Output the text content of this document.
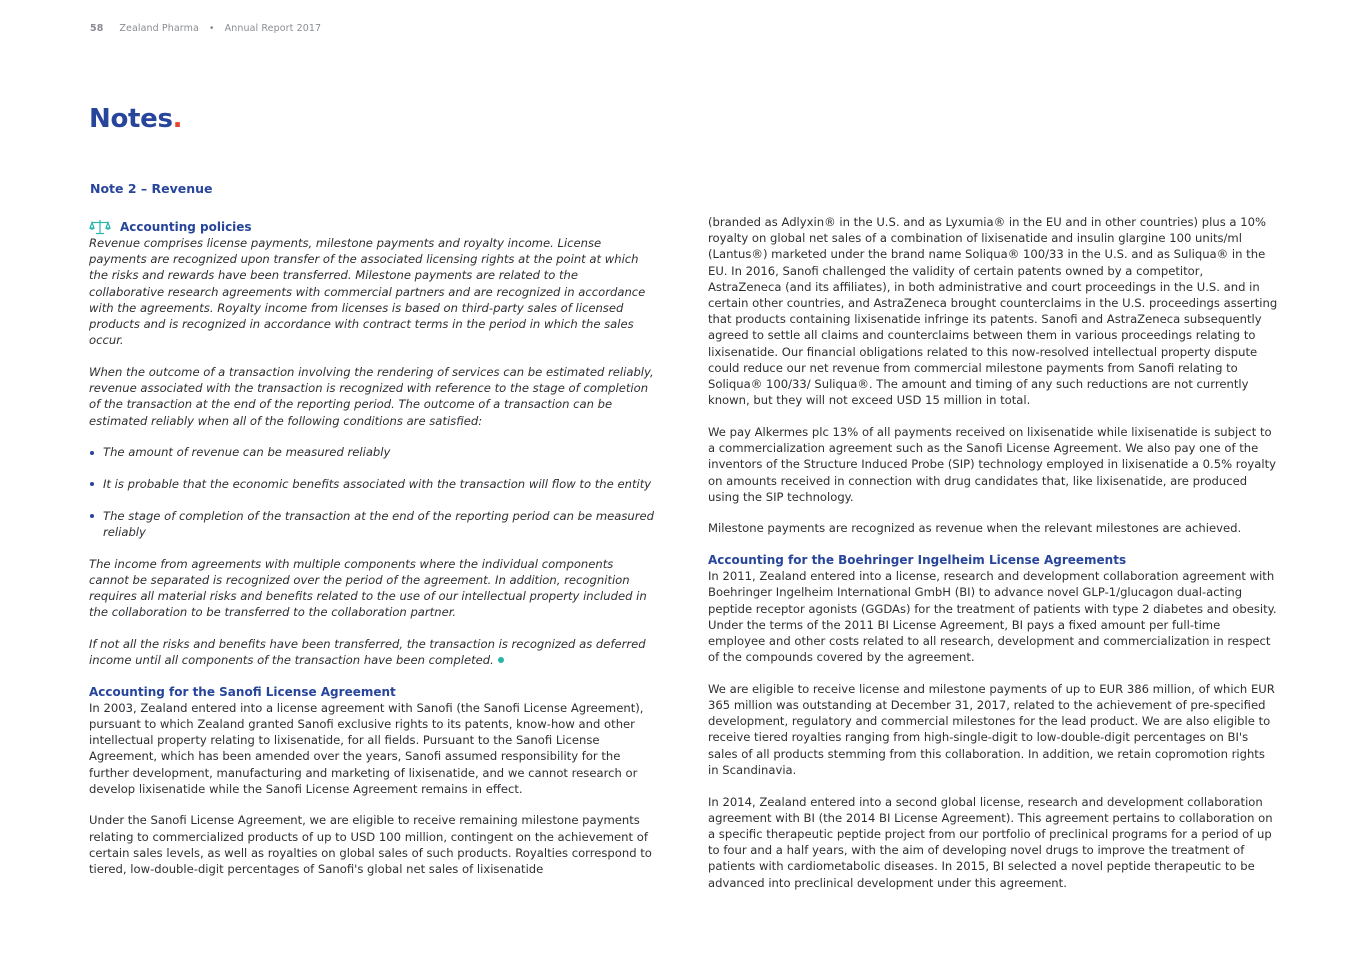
58 Zealand Pharma • Annual Report 2017
Notes.
Note 2 – Revenue
Accounting policies

Revenue comprises license payments, milestone payments and royalty income. License payments are recognized upon transfer of the associated licensing rights at the point at which the risks and rewards have been transferred. Milestone payments are related to the collaborative research agreements with commercial partners and are recognized in accordance with the agreements. Royalty income from licenses is based on third-party sales of licensed products and is recognized in accordance with contract terms in the period in which the sales occur.

When the outcome of a transaction involving the rendering of services can be estimated reliably, revenue associated with the transaction is recognized with reference to the stage of completion of the transaction at the end of the reporting period. The outcome of a transaction can be estimated reliably when all of the following conditions are satisfied:

The amount of revenue can be measured reliably
It is probable that the economic benefits associated with the transaction will flow to the entity
The stage of completion of the transaction at the end of the reporting period can be measured reliably

The income from agreements with multiple components where the individual components cannot be separated is recognized over the period of the agreement. In addition, recognition requires all material risks and benefits related to the use of our intellectual property included in the collaboration to be transferred to the collaboration partner.

If not all the risks and benefits have been transferred, the transaction is recognized as deferred income until all components of the transaction have been completed.

Accounting for the Sanofi License Agreement

In 2003, Zealand entered into a license agreement with Sanofi (the Sanofi License Agreement), pursuant to which Zealand granted Sanofi exclusive rights to its patents, know-how and other intellectual property relating to lixisenatide, for all fields. Pursuant to the Sanofi License Agreement, which has been amended over the years, Sanofi assumed responsibility for the further development, manufacturing and marketing of lixisenatide, and we cannot research or develop lixisenatide while the Sanofi License Agreement remains in effect.

Under the Sanofi License Agreement, we are eligible to receive remaining milestone payments relating to commercialized products of up to USD 100 million, contingent on the achievement of certain sales levels, as well as royalties on global sales of such products. Royalties correspond to tiered, low-double-digit percentages of Sanofi's global net sales of lixisenatide

(branded as Adlyxin® in the U.S. and as Lyxumia® in the EU and in other countries) plus a 10% royalty on global net sales of a combination of lixisenatide and insulin glargine 100 units/ml (Lantus®) marketed under the brand name Soliqua® 100/33 in the U.S. and as Suliqua® in the EU. In 2016, Sanofi challenged the validity of certain patents owned by a competitor, AstraZeneca (and its affiliates), in both administrative and court proceedings in the U.S. and in certain other countries, and AstraZeneca brought counterclaims in the U.S. proceedings asserting that products containing lixisenatide infringe its patents. Sanofi and AstraZeneca subsequently agreed to settle all claims and counterclaims between them in various proceedings relating to lixisenatide. Our financial obligations related to this now-resolved intellectual property dispute could reduce our net revenue from commercial milestone payments from Sanofi relating to Soliqua® 100/33/ Suliqua®. The amount and timing of any such reductions are not currently known, but they will not exceed USD 15 million in total.

We pay Alkermes plc 13% of all payments received on lixisenatide while lixisenatide is subject to a commercialization agreement such as the Sanofi License Agreement. We also pay one of the inventors of the Structure Induced Probe (SIP) technology employed in lixisenatide a 0.5% royalty on amounts received in connection with drug candidates that, like lixisenatide, are produced using the SIP technology.

Milestone payments are recognized as revenue when the relevant milestones are achieved.

Accounting for the Boehringer Ingelheim License Agreements

In 2011, Zealand entered into a license, research and development collaboration agreement with Boehringer Ingelheim International GmbH (BI) to advance novel GLP-1/glucagon dual-acting peptide receptor agonists (GGDAs) for the treatment of patients with type 2 diabetes and obesity. Under the terms of the 2011 BI License Agreement, BI pays a fixed amount per full-time employee and other costs related to all research, development and commercialization in respect of the compounds covered by the agreement.

We are eligible to receive license and milestone payments of up to EUR 386 million, of which EUR 365 million was outstanding at December 31, 2017, related to the achievement of pre-specified development, regulatory and commercial milestones for the lead product. We are also eligible to receive tiered royalties ranging from high-single-digit to low-double-digit percentages on BI's sales of all products stemming from this collaboration. In addition, we retain copromotion rights in Scandinavia.

In 2014, Zealand entered into a second global license, research and development collaboration agreement with BI (the 2014 BI License Agreement). This agreement pertains to collaboration on a specific therapeutic peptide project from our portfolio of preclinical programs for a period of up to four and a half years, with the aim of developing novel drugs to improve the treatment of patients with cardiometabolic diseases. In 2015, BI selected a novel peptide therapeutic to be advanced into preclinical development under this agreement.
